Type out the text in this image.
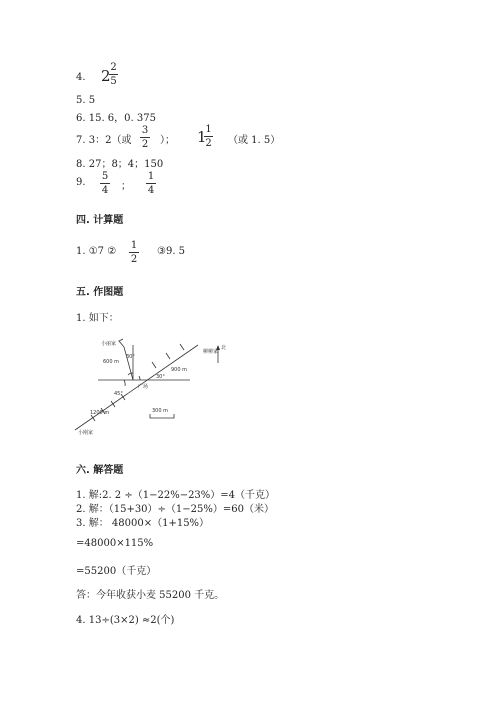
4. 2 2
5
5. 5
6. 15. 6，0. 375
7. 3：2（或
3
2 ）； 1
1
2 （或 1. 5）
8. 27；8；4；150
9.
5
4 ；
1
4
四. 计算题
1. ①7 ②
1
2
③9. 5
五. 作图题
1. 如下：
小丽家
柳柳家
小刚家
广场
北
600 m
900 m
1200 m	300 m
30°
30°
45°
六. 解答题
1. 解:2. 2 ÷（1−22%−23%）=4（千克）
2. 解：（15+30）÷（1−25%）=60（米）
3. 解： 48000×（1+15%）
=48000×115%
=55200（千克）
答：今年收获小麦 55200 千克。
4. 13÷(3×2) ≈2(个)
